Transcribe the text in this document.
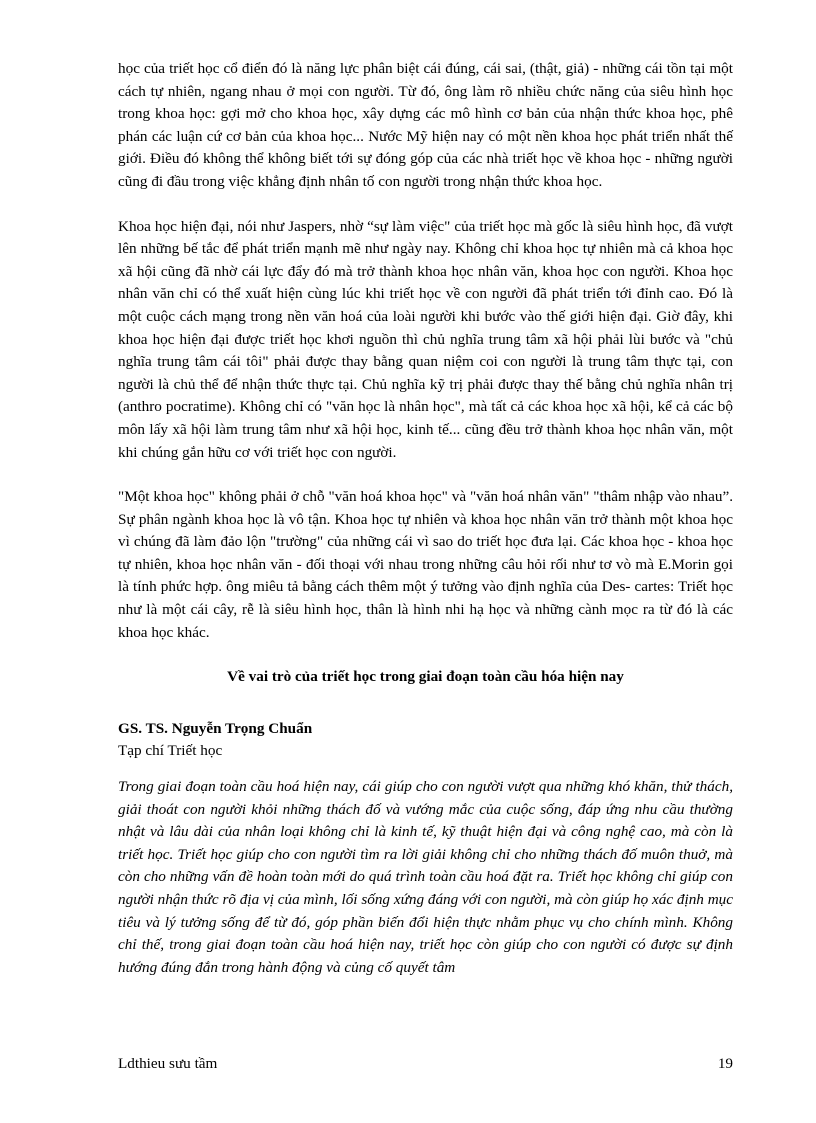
học của triết học cổ điển đó là năng lực phân biệt cái đúng, cái sai, (thật, giả) - những cái tồn tại một cách tự nhiên, ngang nhau ở mọi con người. Từ đó, ông làm rõ nhiều chức năng của siêu hình học trong khoa học: gợi mở cho khoa học, xây dựng các mô hình cơ bản của nhận thức khoa học, phê phán các luận cứ cơ bản của khoa học... Nước Mỹ hiện nay có một nền khoa học phát triển nhất thế giới. Điều đó không thể không biết tới sự đóng góp của các nhà triết học về khoa học - những người cũng đi đầu trong việc khẳng định nhân tố con người trong nhận thức khoa học.

Khoa học hiện đại, nói như Jaspers, nhờ “sự làm việc" của triết học mà gốc là siêu hình học, đã vượt lên những bế tắc để phát triển mạnh mẽ như ngày nay. Không chỉ khoa học tự nhiên mà cả khoa học xã hội cũng đã nhờ cái lực đẩy đó mà trở thành khoa học nhân văn, khoa học con người. Khoa học nhân văn chỉ có thể xuất hiện cùng lúc khi triết học về con người đã phát triển tới đỉnh cao. Đó là một cuộc cách mạng trong nền văn hoá của loài người khi bước vào thế giới hiện đại. Giờ đây, khi khoa học hiện đại được triết học khơi nguồn thì chủ nghĩa trung tâm xã hội phải lùi bước và "chủ nghĩa trung tâm cái tôi" phải được thay bằng quan niệm coi con người là trung tâm thực tại, con người là chủ thể để nhận thức thực tại. Chủ nghĩa kỹ trị phải được thay thế bằng chủ nghĩa nhân trị (anthro pocratime). Không chỉ có "văn học là nhân học", mà tất cả các khoa học xã hội, kể cả các bộ môn lấy xã hội làm trung tâm như xã hội học, kinh tế... cũng đều trở thành khoa học nhân văn, một khi chúng gắn hữu cơ với triết học con người.

"Một khoa học" không phải ở chỗ "văn hoá khoa học" và "văn hoá nhân văn" "thâm nhập vào nhau”. Sự phân ngành khoa học là vô tận. Khoa học tự nhiên và khoa học nhân văn trở thành một khoa học vì chúng đã làm đảo lộn "trường" của những cái vì sao do triết học đưa lại. Các khoa học - khoa học tự nhiên, khoa học nhân văn - đối thoại với nhau trong những câu hỏi rối như tơ vò mà E.Morin gọi là tính phức hợp. ông miêu tả bằng cách thêm một ý tưởng vào định nghĩa của Des- cartes: Triết học như là một cái cây, rễ là siêu hình học, thân là hình nhi hạ học và những cành mọc ra từ đó là các khoa học khác.

Về vai trò của triết học trong giai đoạn toàn cầu hóa hiện nay
GS. TS. Nguyễn Trọng Chuẩn
Tạp chí Triết học

Trong giai đoạn toàn cầu hoá hiện nay, cái giúp cho con người vượt qua những khó khăn, thử thách, giải thoát con người khỏi những thách đố và vướng mắc của cuộc sống, đáp ứng nhu cầu thường nhật và lâu dài của nhân loại không chỉ là kinh tế, kỹ thuật hiện đại và công nghệ cao, mà còn là triết học. Triết học giúp cho con người tìm ra lời giải không chỉ cho những thách đố muôn thuở, mà còn cho những vấn đề hoàn toàn mới do quá trình toàn cầu hoá đặt ra. Triết học không chỉ giúp con người nhận thức rõ địa vị của mình, lối sống xứng đáng với con người, mà còn giúp họ xác định mục tiêu và lý tưởng sống để từ đó, góp phần biến đổi hiện thực nhằm phục vụ cho chính mình. Không chỉ thế, trong giai đoạn toàn cầu hoá hiện nay, triết học còn giúp cho con người có được sự định hướng đúng đắn trong hành động và củng cố quyết tâm

Ldthieu sưu tầm	19
